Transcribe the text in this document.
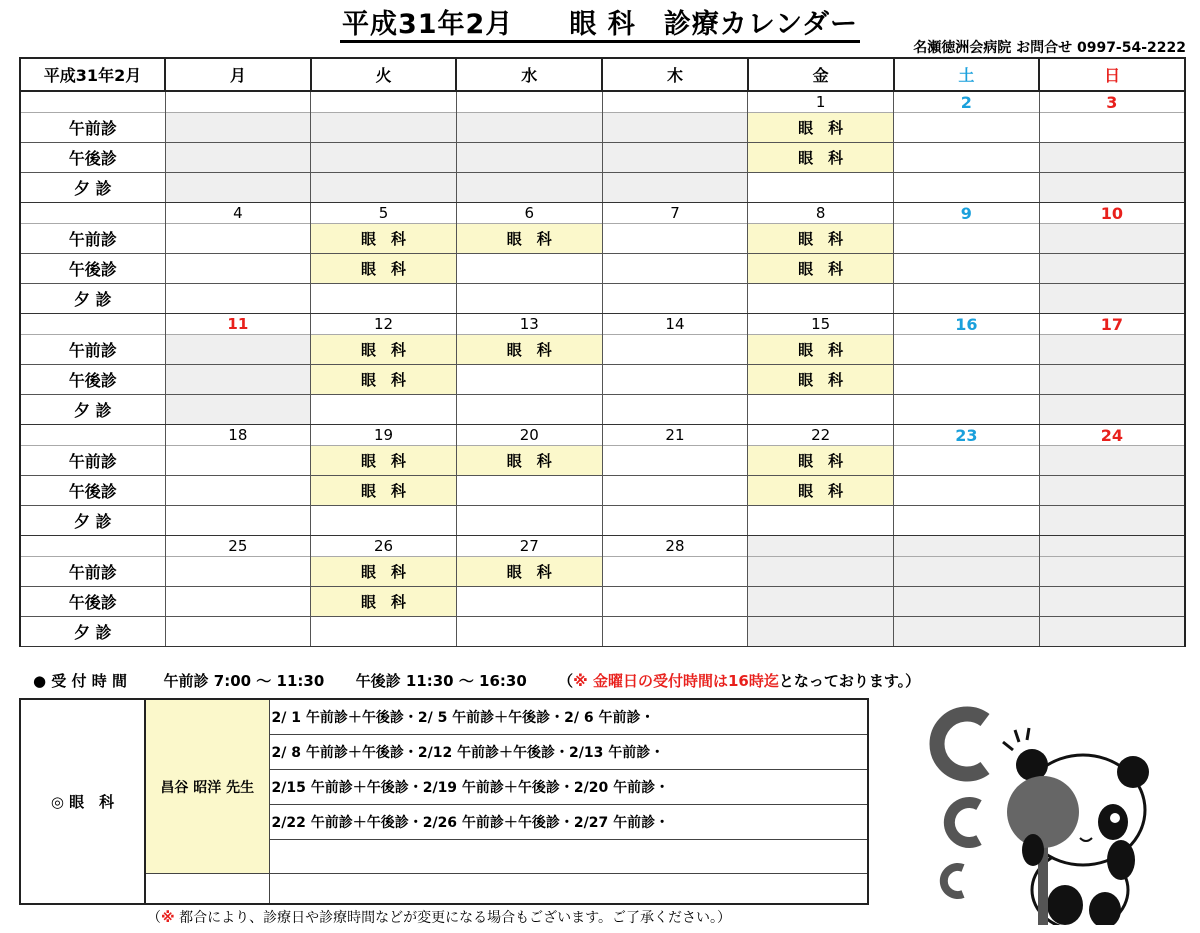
平成31年2月　　眼 科　診療カレンダー
名瀬徳洲会病院 お問合せ 0997-54-2222
平成31年2月	月	火	水	木	金	土	日
					1	2	3
午前診					眼　科		
午後診					眼　科		
夕 診							
	4	5	6	7	8	9	10
午前診		眼　科	眼　科		眼　科		
午後診		眼　科			眼　科		
夕 診							
	11	12	13	14	15	16	17
午前診		眼　科	眼　科		眼　科		
午後診		眼　科			眼　科		
夕 診							
	18	19	20	21	22	23	24
午前診		眼　科	眼　科		眼　科		
午後診		眼　科			眼　科		
夕 診							
	25	26	27	28			
午前診		眼　科	眼　科				
午後診		眼　科					
夕 診							
● 受 付 時 間 午前診 7:00 ～ 11:30 午後診 11:30 ～ 16:30 （※ 金曜日の受付時間は16時迄となっております。）
◎ 眼　科	昌谷 昭洋 先生	2/ 1 午前診＋午後診・2/ 5 午前診＋午後診・2/ 6 午前診・
		2/ 8 午前診＋午後診・2/12 午前診＋午後診・2/13 午前診・
		2/15 午前診＋午後診・2/19 午前診＋午後診・2/20 午前診・
		2/22 午前診＋午後診・2/26 午前診＋午後診・2/27 午前診・

（※ 都合により、診療日や診療時間などが変更になる場合もございます。ご了承ください。）
